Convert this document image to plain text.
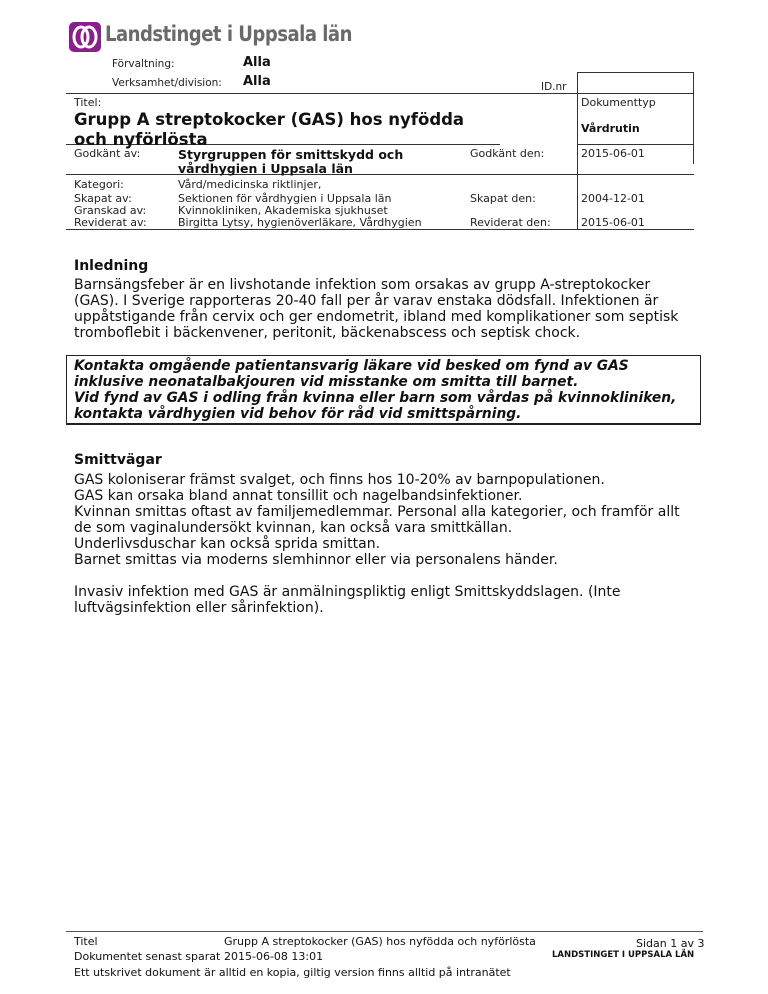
Landstinget i Uppsala län
Förvaltning:	Alla
Verksamhet/division: Alla	ID.nr
Titel:	Dokumenttyp
Grupp A streptokocker (GAS) hos nyfödda och nyförlösta
Vårdrutin
Godkänt av:	Styrgruppen för smittskydd och vårdhygien i Uppsala län
Godkänt den:	2015-06-01
Kategori:	Vård/medicinska riktlinjer,
Skapat av:	Sektionen för vårdhygien i Uppsala län	Skapat den:	2004-12-01
Granskad av:	Kvinnokliniken, Akademiska sjukhuset
Reviderat av:	Birgitta Lytsy, hygienöverläkare, Vårdhygien	Reviderat den:	2015-06-01
Inledning
Barnsängsfeber är en livshotande infektion som orsakas av grupp A-streptokocker
(GAS). I Sverige rapporteras 20-40 fall per år varav enstaka dödsfall. Infektionen är
uppåtstigande från cervix och ger endometrit, ibland med komplikationer som septisk
tromboflebit i bäckenvener, peritonit, bäckenabscess och septisk chock.
Kontakta omgående patientansvarig läkare vid besked om fynd av GAS
inklusive neonatalbakjouren vid misstanke om smitta till barnet.
Vid fynd av GAS i odling från kvinna eller barn som vårdas på kvinnokliniken,
kontakta vårdhygien vid behov för råd vid smittspårning.
Smittvägar
GAS koloniserar främst svalget, och finns hos 10-20% av barnpopulationen.
GAS kan orsaka bland annat tonsillit och nagelbandsinfektioner.
Kvinnan smittas oftast av familjemedlemmar. Personal alla kategorier, och framför allt
de som vaginalundersökt kvinnan, kan också vara smittkällan.
Underlivsduschar kan också sprida smittan.
Barnet smittas via moderns slemhinnor eller via personalens händer.
Invasiv infektion med GAS är anmälningspliktig enligt Smittskyddslagen. (Inte
luftvägsinfektion eller sårinfektion).
Titel	Grupp A streptokocker (GAS) hos nyfödda och nyförlösta
Dokumentet senast sparat 2015-06-08 13:01
Ett utskrivet dokument är alltid en kopia, giltig version finns alltid på intranätet
Sidan 1 av 3
LANDSTINGET I UPPSALA LÄN
